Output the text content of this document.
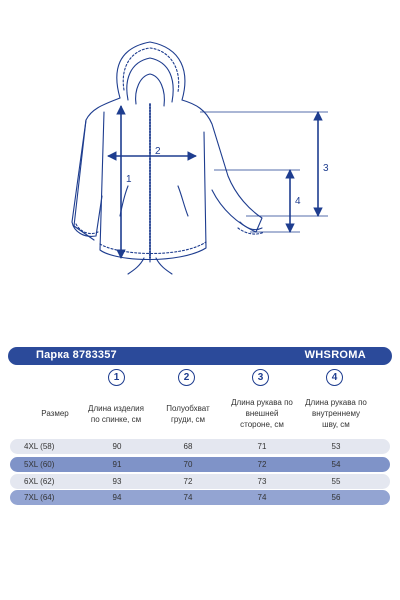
1
2
3
4
Парка 8783357	WHSROMA
1	2	3	4
Размер
Длина изделия
по спинке, см
Полуобхват
груди, см
Длина рукава по
внешней
стороне, см
Длина рукава по
внутреннему
шву, см
4XL (58)	90	68	71	53
5XL (60)	91	70	72	54
6XL (62)	93	72	73	55
7XL (64)	94	74	74	56
